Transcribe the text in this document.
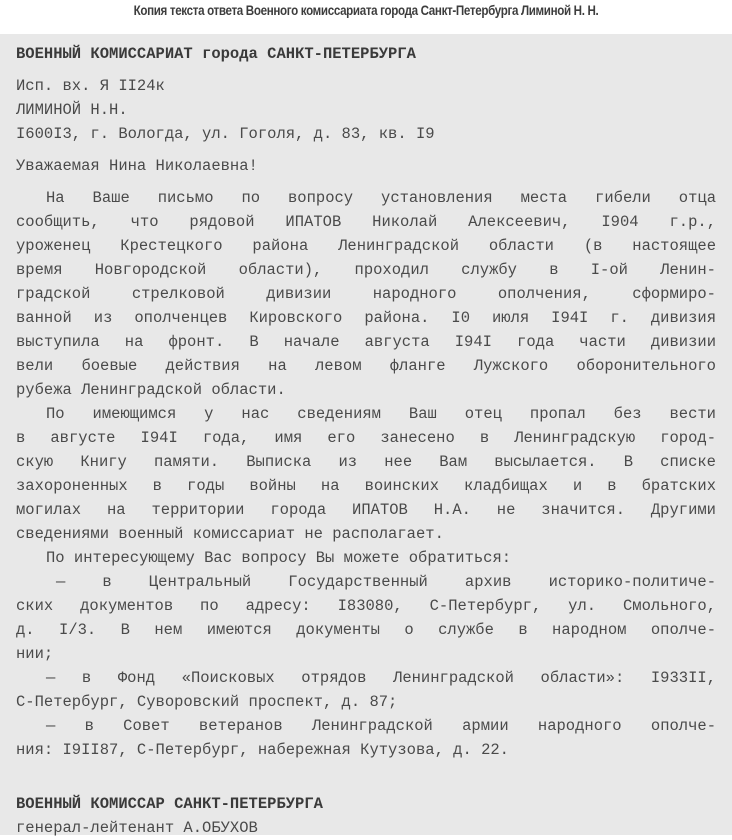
Копия текста ответа Военного комиссариата города Санкт-Петербурга Лиминой Н. Н.
ВОЕННЫЙ КОМИССАРИАТ города САНКТ-ПЕТЕРБУРГА
Исп. вх. Я II24к
ЛИМИНОЙ Н.Н.
I600I3, г. Вологда, ул. Гоголя, д. 83, кв. I9
Уважаемая Нина Николаевна!
На Ваше письмо по вопросу установления места гибели отца
сообщить, что рядовой ИПАТОВ Николай Алексеевич, I904 г.р.,
уроженец Крестецкого района Ленинградской области (в настоящее
время Новгородской области), проходил службу в I-ой Ленин-
градской стрелковой дивизии народного ополчения, сформиро-
ванной из ополченцев Кировского района. I0 июля I94I г. дивизия
выступила на фронт. В начале августа I94I года части дивизии
вели боевые действия на левом фланге Лужского оборонительного
рубежа Ленинградской области.
По имеющимся у нас сведениям Ваш отец пропал без вести
в августе I94I года, имя его занесено в Ленинградскую город-
скую Книгу памяти. Выписка из нее Вам высылается. В списке
захороненных в годы войны на воинских кладбищах и в братских
могилах на территории города ИПАТОВ Н.А. не значится. Другими
сведениями военный комиссариат не располагает.
По интересующему Вас вопросу Вы можете обратиться:
— в Центральный Государственный архив историко-политиче-
ских документов по адресу: I83080, С-Петербург, ул. Смольного,
д. I/3. В нем имеются документы о службе в народном ополче-
нии;
— в Фонд «Поисковых отрядов Ленинградской области»: I933II,
С-Петербург, Суворовский проспект, д. 87;
— в Совет ветеранов Ленинградской армии народного ополче-
ния: I9II87, С-Петербург, набережная Кутузова, д. 22.
ВОЕННЫЙ КОМИССАР САНКТ-ПЕТЕРБУРГА
генерал-лейтенант А.ОБУХОВ
